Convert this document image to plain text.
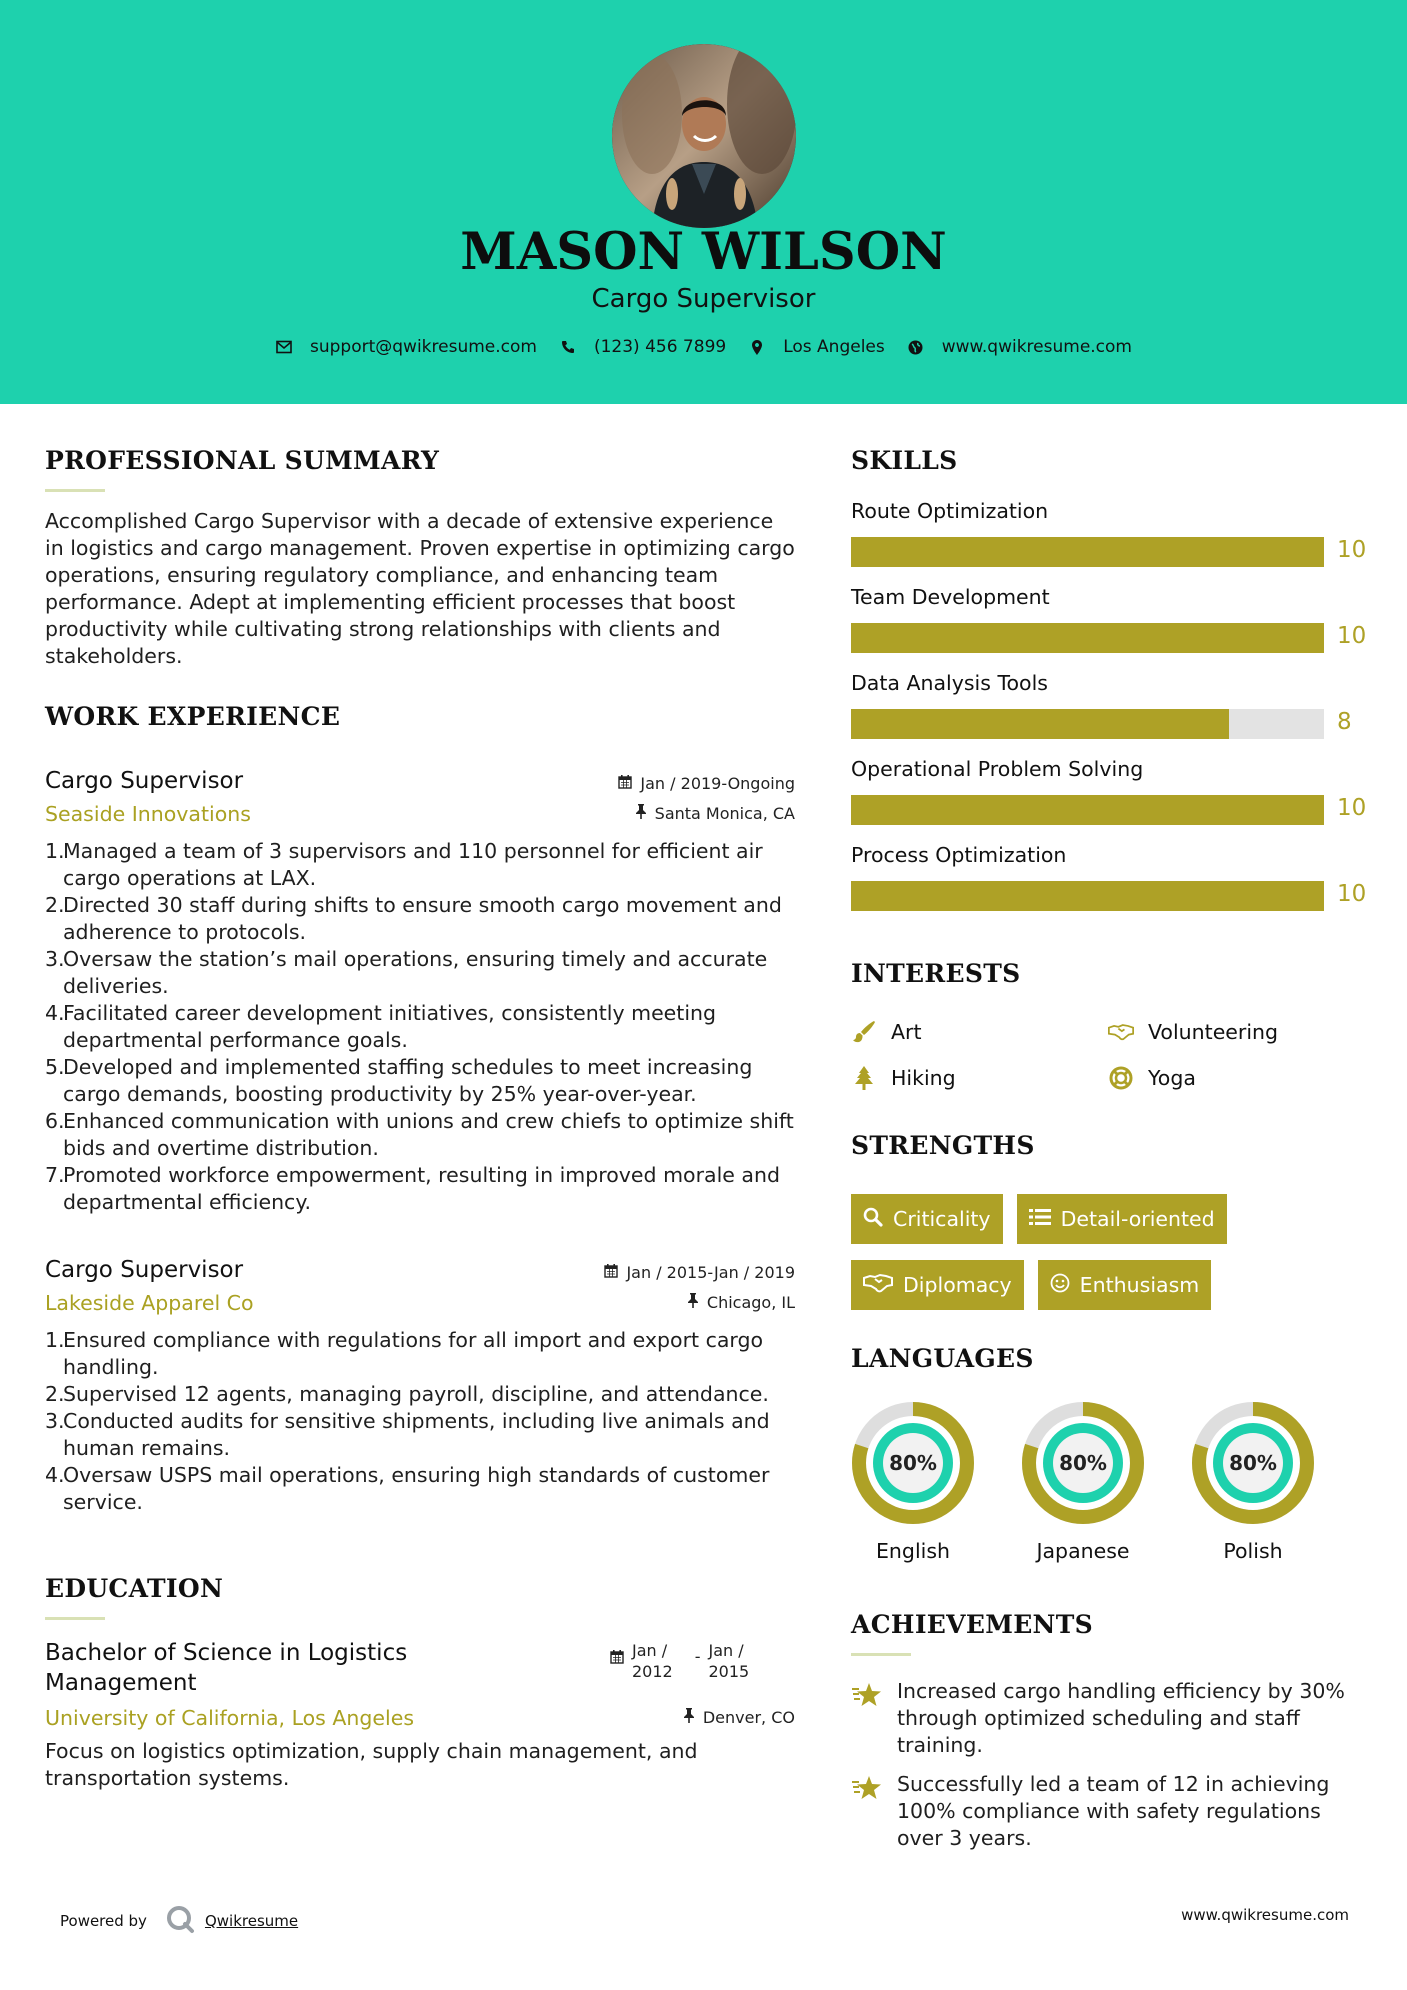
MASON WILSON
Cargo Supervisor
support@qwikresume.com	(123) 456 7899	Los Angeles	www.qwikresume.com
PROFESSIONAL SUMMARY
Accomplished Cargo Supervisor with a decade of extensive experience in logistics and cargo management. Proven expertise in optimizing cargo operations, ensuring regulatory compliance, and enhancing team performance. Adept at implementing efficient processes that boost productivity while cultivating strong relationships with clients and stakeholders.
WORK EXPERIENCE
Cargo Supervisor	Jan / 2019-Ongoing
Seaside Innovations	Santa Monica, CA
1.
Managed a team of 3 supervisors and 110 personnel for efficient air cargo operations at LAX.
2.
Directed 30 staff during shifts to ensure smooth cargo movement and adherence to protocols.
3.
Oversaw the station’s mail operations, ensuring timely and accurate deliveries.
4.
Facilitated career development initiatives, consistently meeting departmental performance goals.
5.
Developed and implemented staffing schedules to meet increasing cargo demands, boosting productivity by 25% year-over-year.
6.
Enhanced communication with unions and crew chiefs to optimize shift bids and overtime distribution.
7.
Promoted workforce empowerment, resulting in improved morale and departmental efficiency.
Cargo Supervisor	Jan / 2015-Jan / 2019
Lakeside Apparel Co	Chicago, IL
1.
Ensured compliance with regulations for all import and export cargo handling.
2.
Supervised 12 agents, managing payroll, discipline, and attendance.
3.
Conducted audits for sensitive shipments, including live animals and human remains.
4.
Oversaw USPS mail operations, ensuring high standards of customer service.
EDUCATION
Bachelor of Science in Logistics
Management
Jan /
2012
- Jan /
2015
University of California, Los Angeles	Denver, CO
Focus on logistics optimization, supply chain management, and transportation systems.
SKILLS
Route Optimization
10
Team Development
10
Data Analysis Tools
8
Operational Problem Solving
10
Process Optimization
10
INTERESTS
Art	Volunteering
Hiking	Yoga
STRENGTHS
Criticality	Detail-oriented
Diplomacy	Enthusiasm
LANGUAGES
80%
English
80%
Japanese
80%
Polish
ACHIEVEMENTS
Increased cargo handling efficiency by 30% through optimized scheduling and staff training.
Successfully led a team of 12 in achieving 100% compliance with safety regulations over 3 years.
Powered by	Qwikresume	www.qwikresume.com
